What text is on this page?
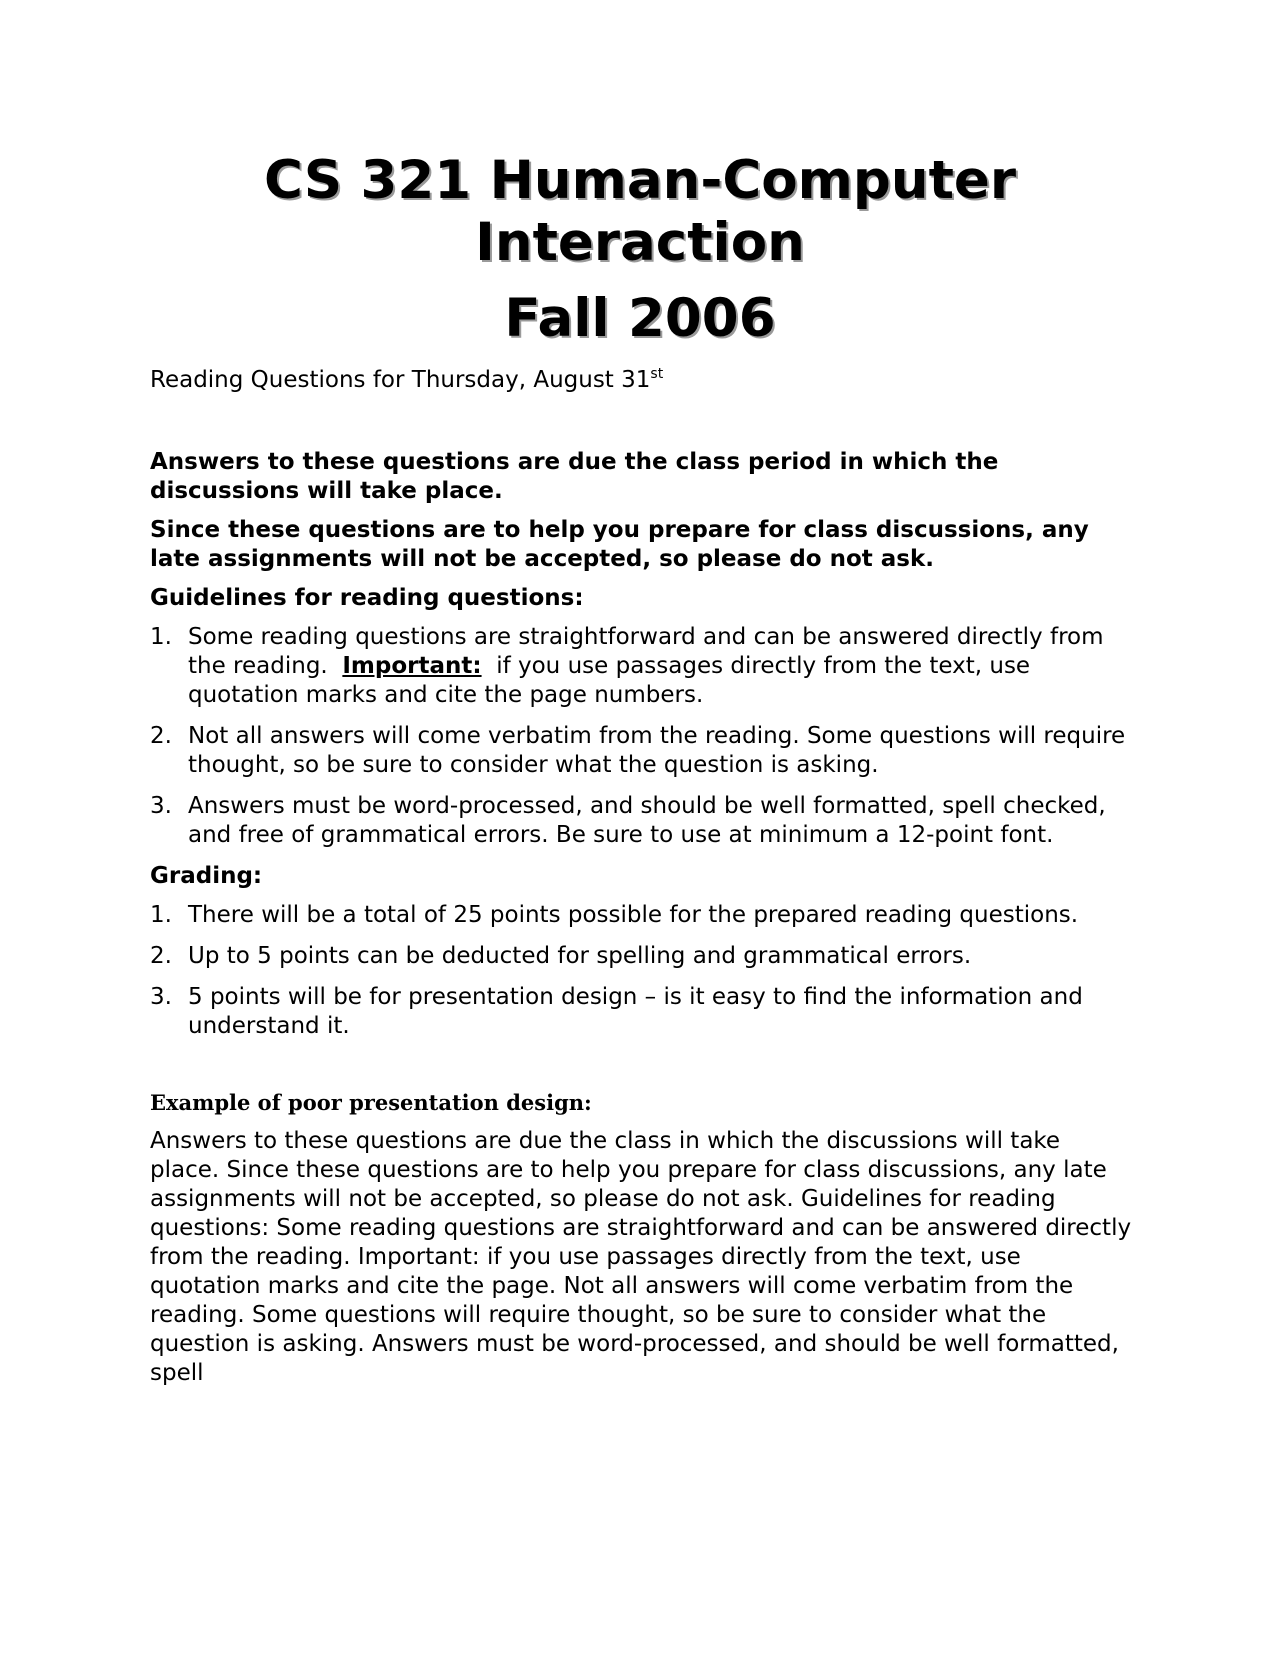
CS 321 Human-Computer
Interaction
Fall 2006
Reading Questions for Thursday, August 31st

Answers to these questions are due the class period in which the discussions will take place.

Since these questions are to help you prepare for class discussions, any late assignments will not be accepted, so please do not ask.

Guidelines for reading questions:

1. Some reading questions are straightforward and can be answered directly from the reading. Important: if you use passages directly from the text, use quotation marks and cite the page numbers.
2. Not all answers will come verbatim from the reading. Some questions will require thought, so be sure to consider what the question is asking.
3. Answers must be word-processed, and should be well formatted, spell checked, and free of grammatical errors. Be sure to use at minimum a 12-point font.

Grading:

1. There will be a total of 25 points possible for the prepared reading questions.
2. Up to 5 points can be deducted for spelling and grammatical errors.
3. 5 points will be for presentation design – is it easy to find the information and understand it.

Example of poor presentation design:

Answers to these questions are due the class in which the discussions will take place. Since these questions are to help you prepare for class discussions, any late assignments will not be accepted, so please do not ask. Guidelines for reading questions: Some reading questions are straightforward and can be answered directly from the reading. Important: if you use passages directly from the text, use quotation marks and cite the page. Not all answers will come verbatim from the reading. Some questions will require thought, so be sure to consider what the question is asking. Answers must be word-processed, and should be well formatted, spell
